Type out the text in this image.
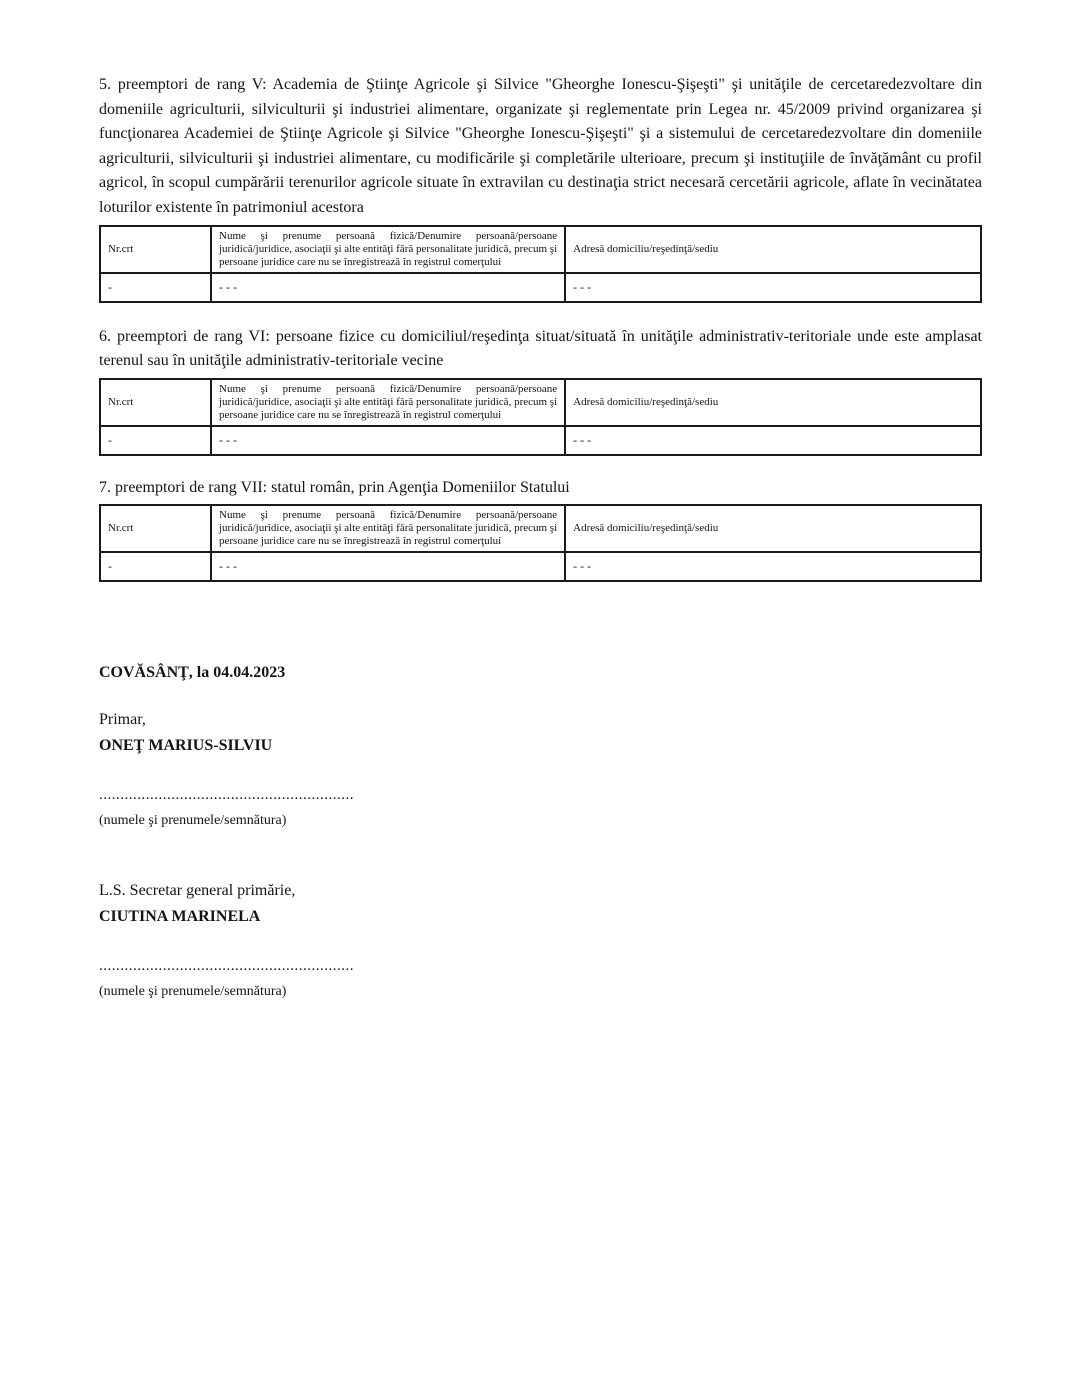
5. preemptori de rang V: Academia de Ştiinţe Agricole şi Silvice "Gheorghe Ionescu-Şişeşti" şi unităţile de cercetaredezvoltare din domeniile agriculturii, silviculturii şi industriei alimentare, organizate şi reglementate prin Legea nr. 45/2009 privind organizarea şi funcţionarea Academiei de Ştiinţe Agricole şi Silvice "Gheorghe Ionescu-Şişeşti" şi a sistemului de cercetaredezvoltare din domeniile agriculturii, silviculturii şi industriei alimentare, cu modificările şi completările ulterioare, precum şi instituţiile de învăţământ cu profil agricol, în scopul cumpărării terenurilor agricole situate în extravilan cu destinaţia strict necesară cercetării agricole, aflate în vecinătatea loturilor existente în patrimoniul acestora

Nr.crt	Nume şi prenume persoană fizică/Denumire persoană/persoane juridică/juridice, asociaţii şi alte entităţi fără personalitate juridică, precum şi persoane juridice care nu se înregistrează în registrul comerţului	Adresă domiciliu/reşedinţă/sediu
-	- - -	- - -

6. preemptori de rang VI: persoane fizice cu domiciliul/reşedinţa situat/situată în unităţile administrativ-teritoriale unde este amplasat terenul sau în unităţile administrativ-teritoriale vecine

Nr.crt	Nume şi prenume persoană fizică/Denumire persoană/persoane juridică/juridice, asociaţii şi alte entităţi fără personalitate juridică, precum şi persoane juridice care nu se înregistrează în registrul comerţului	Adresă domiciliu/reşedinţă/sediu
-	- - -	- - -

7. preemptori de rang VII: statul român, prin Agenţia Domeniilor Statului

Nr.crt	Nume şi prenume persoană fizică/Denumire persoană/persoane juridică/juridice, asociaţii şi alte entităţi fără personalitate juridică, precum şi persoane juridice care nu se înregistrează în registrul comerţului	Adresă domiciliu/reşedinţă/sediu
-	- - -	- - -

COVĂSÂNŢ, la 04.04.2023

Primar,

ONEŢ MARIUS-SILVIU

............................................................

(numele şi prenumele/semnătura)

L.S. Secretar general primărie,

CIUTINA MARINELA

............................................................

(numele şi prenumele/semnătura)
